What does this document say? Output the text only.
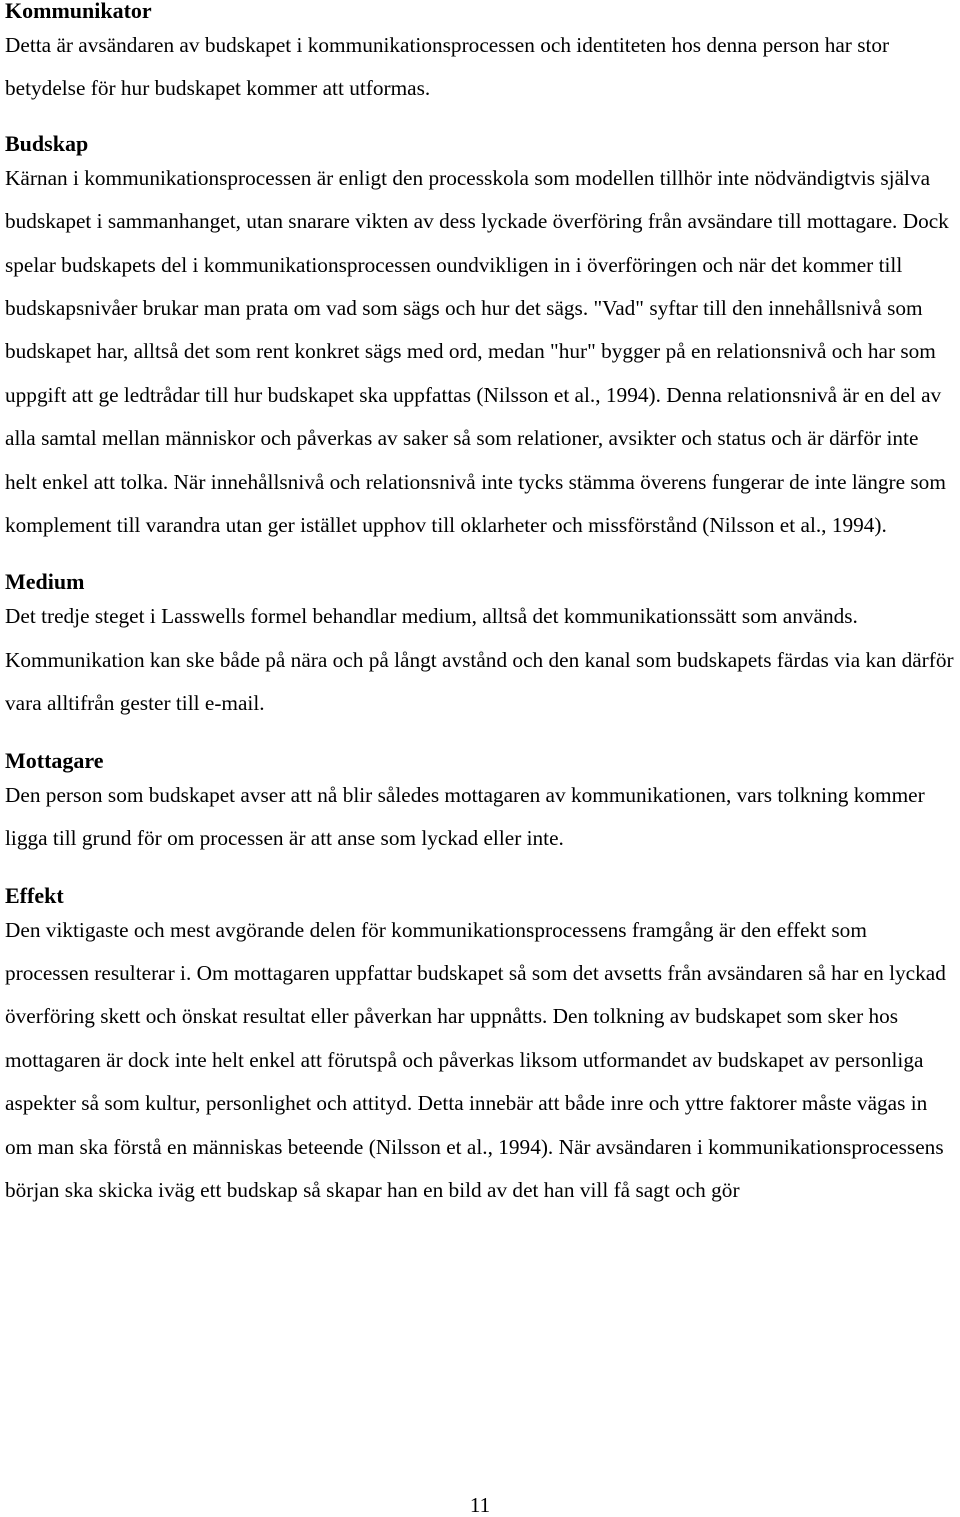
Kommunikator

Detta är avsändaren av budskapet i kommunikationsprocessen och identiteten hos denna person har stor betydelse för hur budskapet kommer att utformas.

Budskap

Kärnan i kommunikationsprocessen är enligt den processkola som modellen tillhör inte nödvändigtvis själva budskapet i sammanhanget, utan snarare vikten av dess lyckade överföring från avsändare till mottagare. Dock spelar budskapets del i kommunikationsprocessen oundvikligen in i överföringen och när det kommer till budskapsnivåer brukar man prata om vad som sägs och hur det sägs. "Vad" syftar till den innehållsnivå som budskapet har, alltså det som rent konkret sägs med ord, medan "hur" bygger på en relationsnivå och har som uppgift att ge ledtrådar till hur budskapet ska uppfattas (Nilsson et al., 1994). Denna relationsnivå är en del av alla samtal mellan människor och påverkas av saker så som relationer, avsikter och status och är därför inte helt enkel att tolka. När innehållsnivå och relationsnivå inte tycks stämma överens fungerar de inte längre som komplement till varandra utan ger istället upphov till oklarheter och missförstånd (Nilsson et al., 1994).

Medium

Det tredje steget i Lasswells formel behandlar medium, alltså det kommunikationssätt som används. Kommunikation kan ske både på nära och på långt avstånd och den kanal som budskapets färdas via kan därför vara alltifrån gester till e-mail.

Mottagare

Den person som budskapet avser att nå blir således mottagaren av kommunikationen, vars tolkning kommer ligga till grund för om processen är att anse som lyckad eller inte.

Effekt

Den viktigaste och mest avgörande delen för kommunikationsprocessens framgång är den effekt som processen resulterar i. Om mottagaren uppfattar budskapet så som det avsetts från avsändaren så har en lyckad överföring skett och önskat resultat eller påverkan har uppnåtts. Den tolkning av budskapet som sker hos mottagaren är dock inte helt enkel att förutspå och påverkas liksom utformandet av budskapet av personliga aspekter så som kultur, personlighet och attityd. Detta innebär att både inre och yttre faktorer måste vägas in om man ska förstå en människas beteende (Nilsson et al., 1994). När avsändaren i kommunikationsprocessens början ska skicka iväg ett budskap så skapar han en bild av det han vill få sagt och gör

11
